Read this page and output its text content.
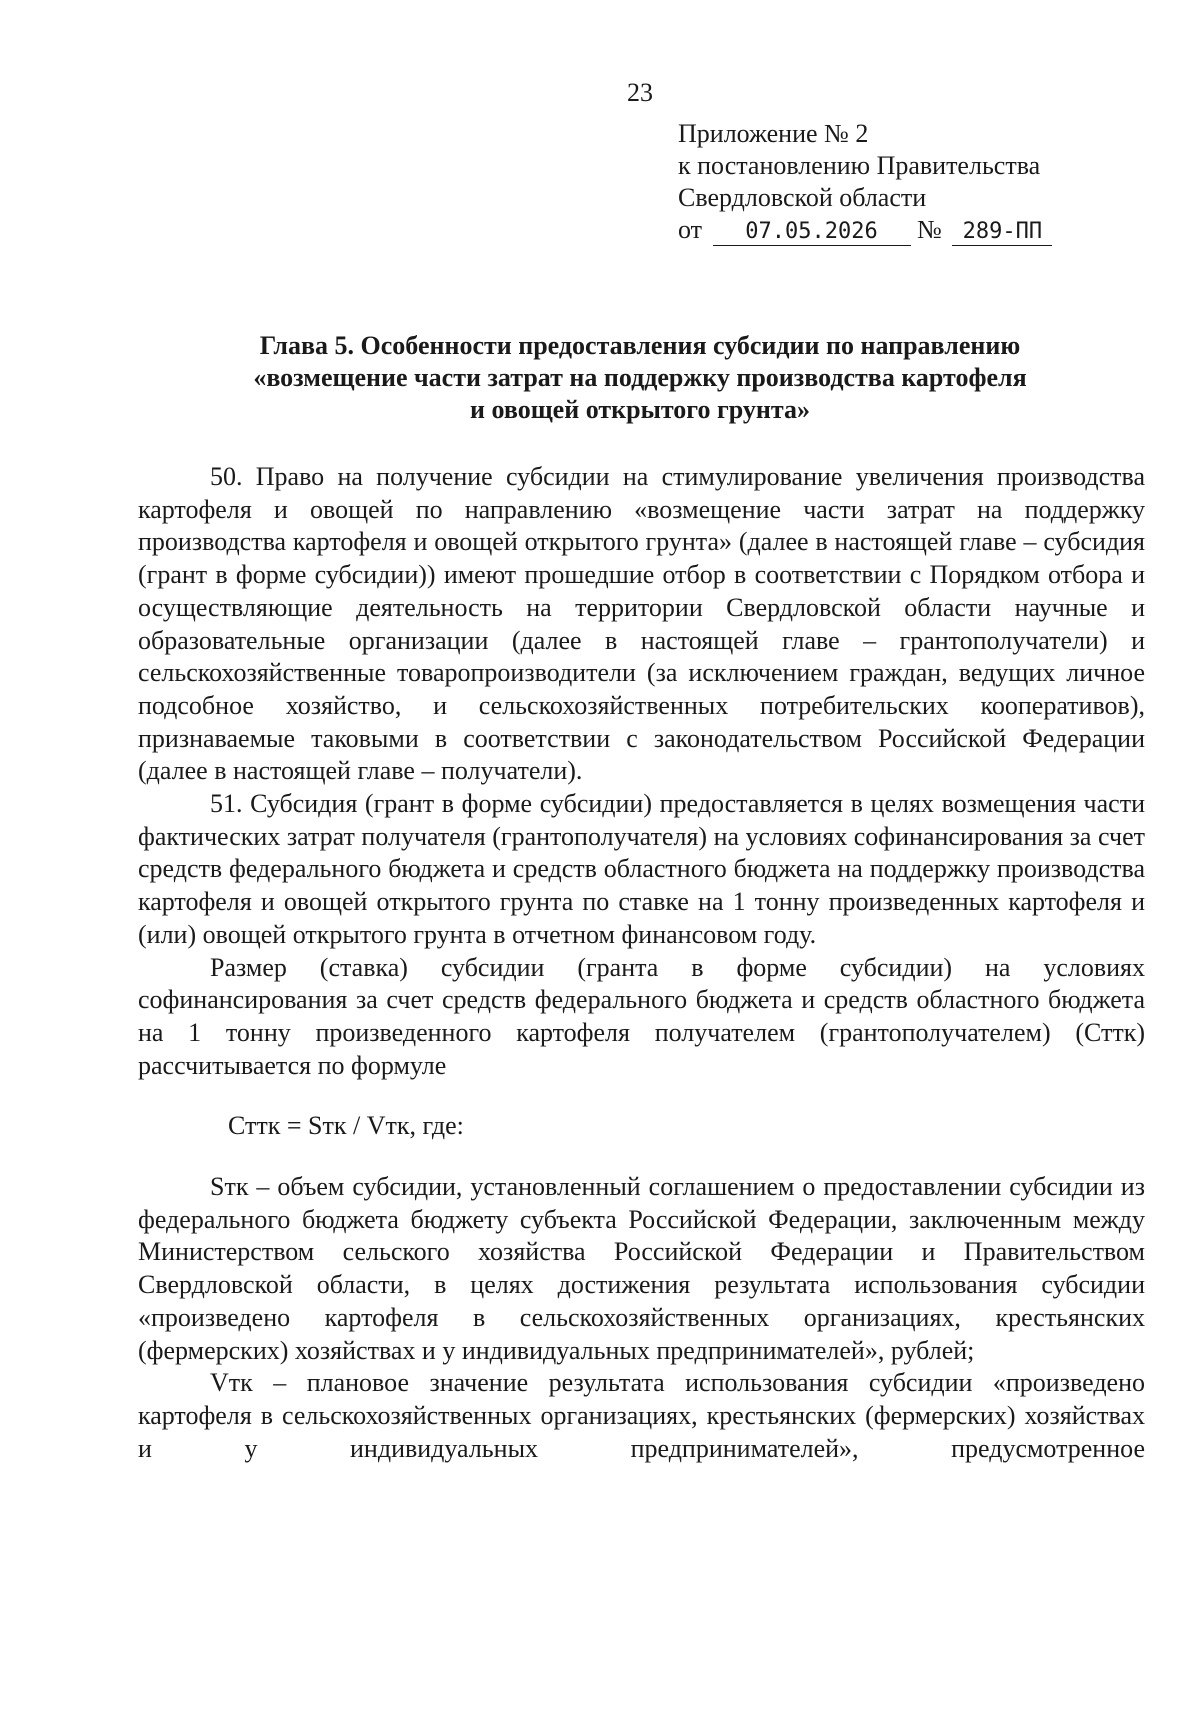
23
Приложение № 2
к постановлению Правительства
Свердловской области
от 07.05.2026 № 289-ПП
Глава 5. Особенности предоставления субсидии по направлению
«возмещение части затрат на поддержку производства картофеля
и овощей открытого грунта»

50. Право на получение субсидии на стимулирование увеличения производства картофеля и овощей по направлению «возмещение части затрат на поддержку производства картофеля и овощей открытого грунта» (далее в настоящей главе – субсидия (грант в форме субсидии)) имеют прошедшие отбор в соответствии с Порядком отбора и осуществляющие деятельность на территории Свердловской области научные и образовательные организации (далее в настоящей главе – грантополучатели) и сельскохозяйственные товаропроизводители (за исключением граждан, ведущих личное подсобное хозяйство, и сельскохозяйственных потребительских кооперативов), признаваемые таковыми в соответствии с законодательством Российской Федерации (далее в настоящей главе – получатели).

51. Субсидия (грант в форме субсидии) предоставляется в целях возмещения части фактических затрат получателя (грантополучателя) на условиях софинансирования за счет средств федерального бюджета и средств областного бюджета на поддержку производства картофеля и овощей открытого грунта по ставке на 1 тонну произведенных картофеля и (или) овощей открытого грунта в отчетном финансовом году.

Размер (ставка) субсидии (гранта в форме субсидии) на условиях софинансирования за счет средств федерального бюджета и средств областного бюджета на 1 тонну произведенного картофеля получателем (грантополучателем) (Сттк) рассчитывается по формуле

Сттк = Sтк / Vтк, где:

Sтк – объем субсидии, установленный соглашением о предоставлении субсидии из федерального бюджета бюджету субъекта Российской Федерации, заключенным между Министерством сельского хозяйства Российской Федерации и Правительством Свердловской области, в целях достижения результата использования субсидии «произведено картофеля в сельскохозяйственных организациях, крестьянских (фермерских) хозяйствах и у индивидуальных предпринимателей», рублей;

Vтк – плановое значение результата использования субсидии «произведено картофеля в сельскохозяйственных организациях, крестьянских (фермерских) хозяйствах и у индивидуальных предпринимателей», предусмотренное
